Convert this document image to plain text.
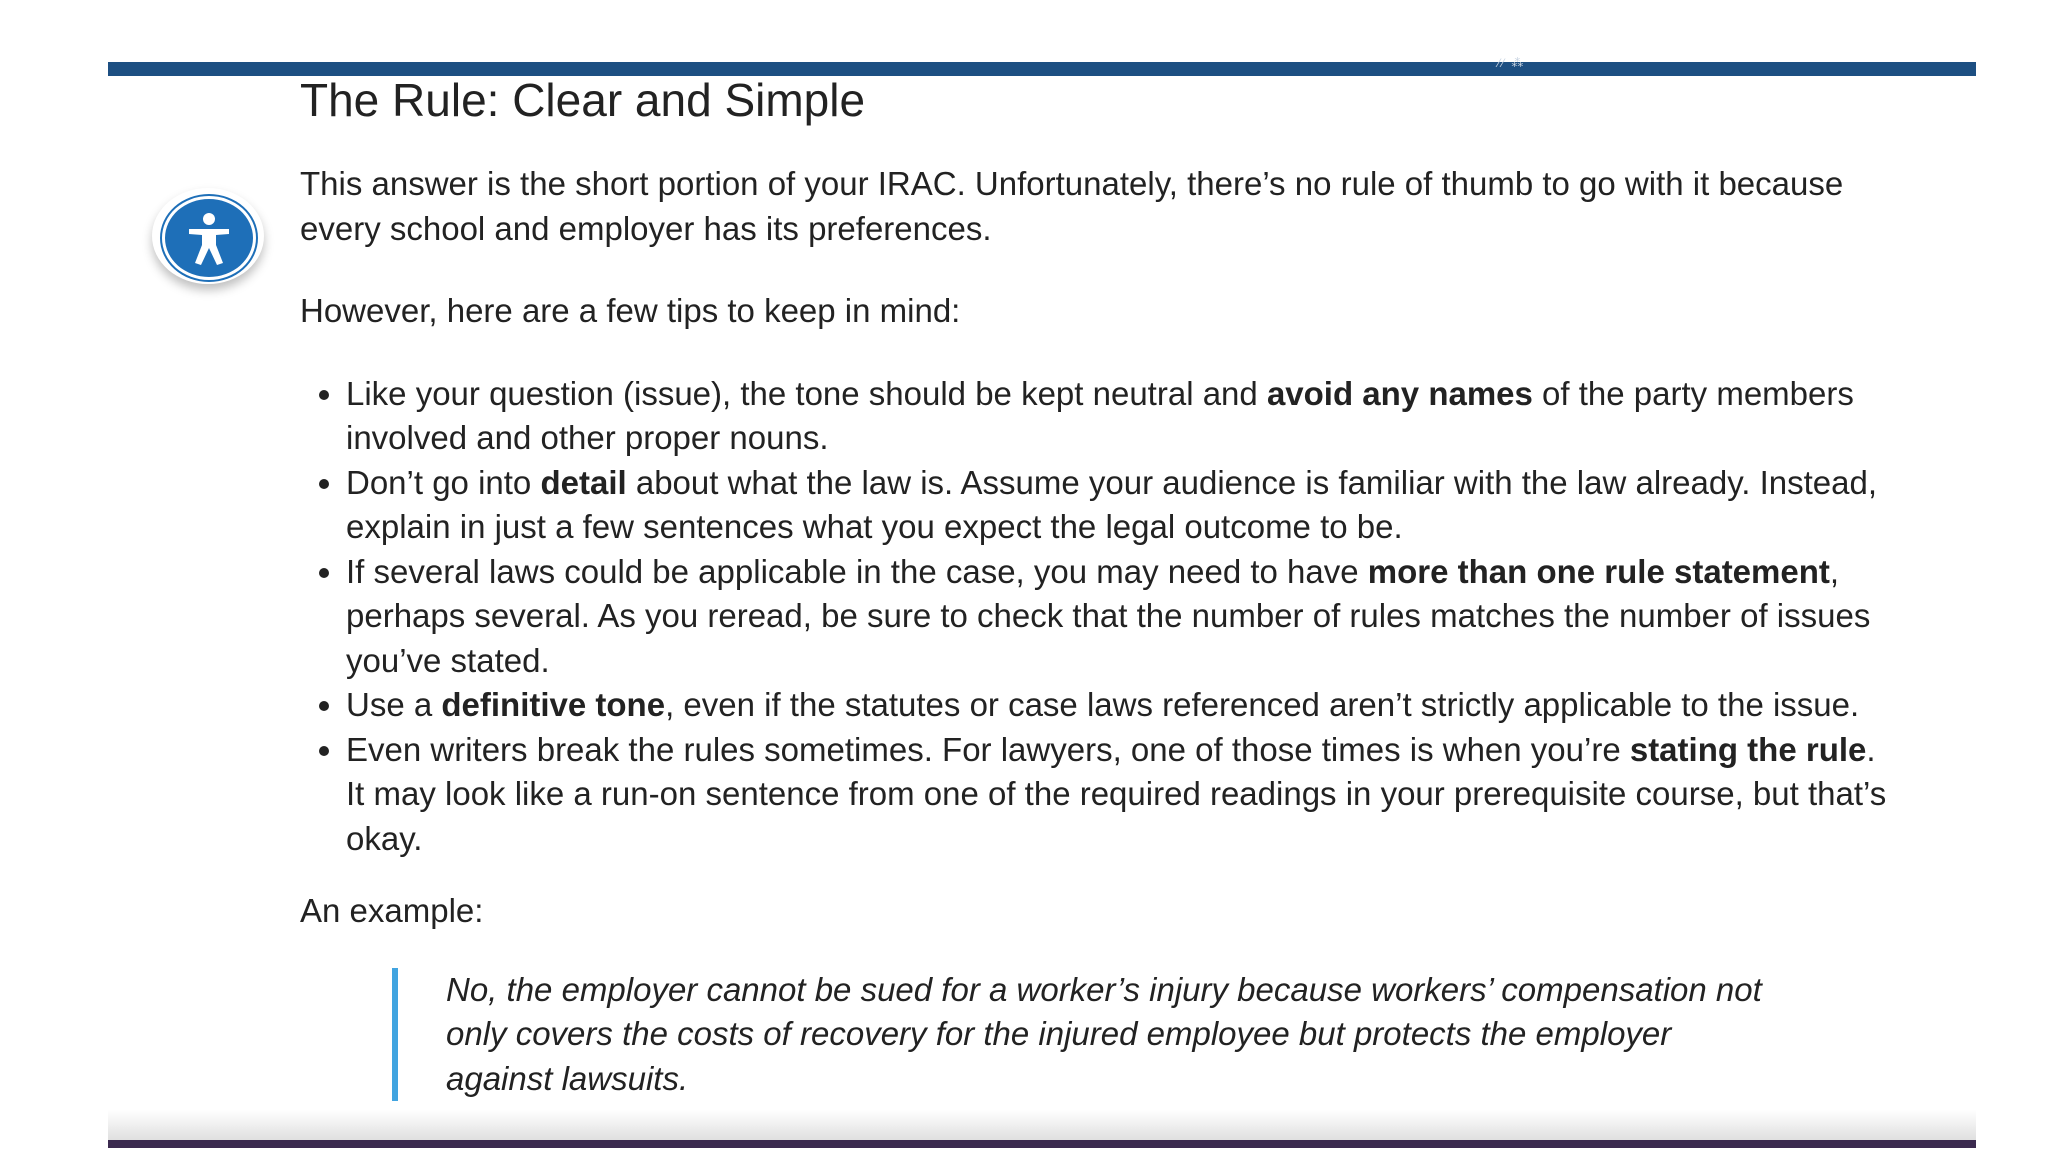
⁄⁄ ⁂
The Rule: Clear and Simple

This answer is the short portion of your IRAC. Unfortunately, there’s no rule of thumb to go with it because every school and employer has its preferences.

However, here are a few tips to keep in mind:

• Like your question (issue), the tone should be kept neutral and avoid any names of the party members involved and other proper nouns.
• Don’t go into detail about what the law is. Assume your audience is familiar with the law already. Instead, explain in just a few sentences what you expect the legal outcome to be.
• If several laws could be applicable in the case, you may need to have more than one rule statement, perhaps several. As you reread, be sure to check that the number of rules matches the number of issues you’ve stated.
• Use a definitive tone, even if the statutes or case laws referenced aren’t strictly applicable to the issue.
• Even writers break the rules sometimes. For lawyers, one of those times is when you’re stating the rule. It may look like a run-on sentence from one of the required readings in your prerequisite course, but that’s okay.

An example:

No, the employer cannot be sued for a worker’s injury because workers’ compensation not only covers the costs of recovery for the injured employee but protects the employer against lawsuits.
